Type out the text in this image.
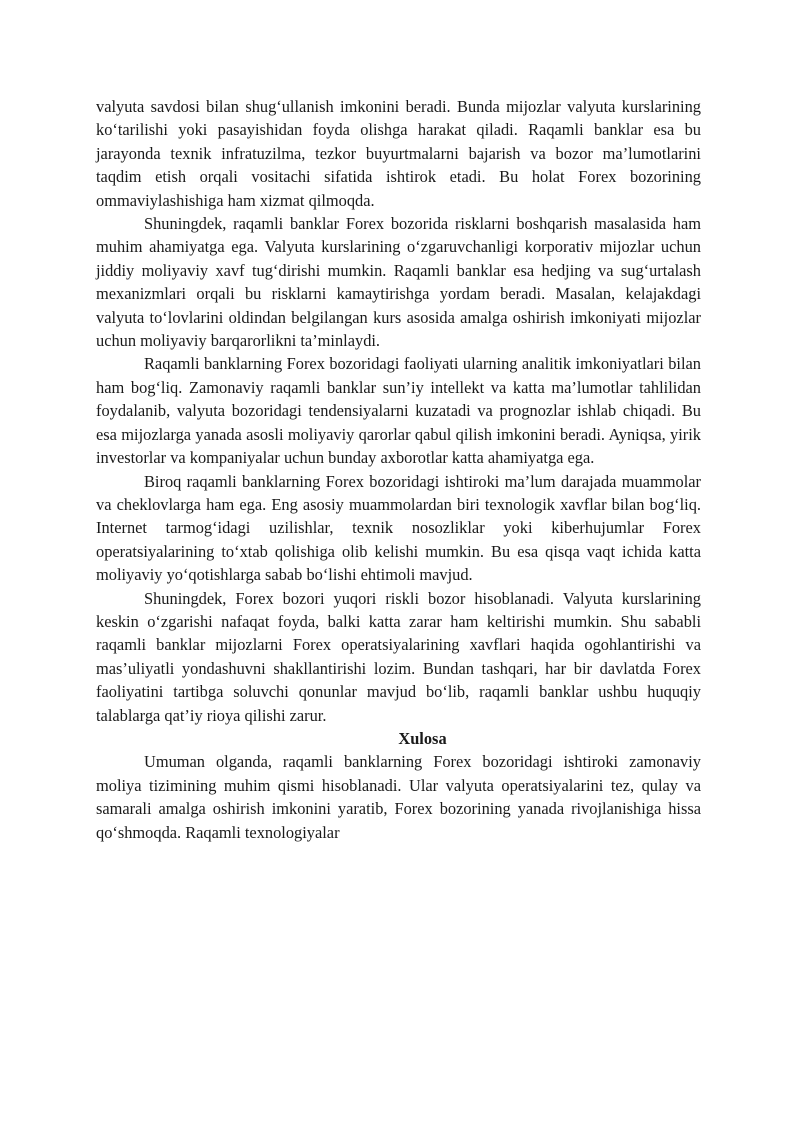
valyuta savdosi bilan shug‘ullanish imkonini beradi. Bunda mijozlar valyuta kurslarining ko‘tarilishi yoki pasayishidan foyda olishga harakat qiladi. Raqamli banklar esa bu jarayonda texnik infratuzilma, tezkor buyurtmalarni bajarish va bozor ma’lumotlarini taqdim etish orqali vositachi sifatida ishtirok etadi. Bu holat Forex bozorining ommaviylashishiga ham xizmat qilmoqda.

Shuningdek, raqamli banklar Forex bozorida risklarni boshqarish masalasida ham muhim ahamiyatga ega. Valyuta kurslarining o‘zgaruvchanligi korporativ mijozlar uchun jiddiy moliyaviy xavf tug‘dirishi mumkin. Raqamli banklar esa hedjing va sug‘urtalash mexanizmlari orqali bu risklarni kamaytirishga yordam beradi. Masalan, kelajakdagi valyuta to‘lovlarini oldindan belgilangan kurs asosida amalga oshirish imkoniyati mijozlar uchun moliyaviy barqarorlikni ta’minlaydi.

Raqamli banklarning Forex bozoridagi faoliyati ularning analitik imkoniyatlari bilan ham bog‘liq. Zamonaviy raqamli banklar sun’iy intellekt va katta ma’lumotlar tahlilidan foydalanib, valyuta bozoridagi tendensiyalarni kuzatadi va prognozlar ishlab chiqadi. Bu esa mijozlarga yanada asosli moliyaviy qarorlar qabul qilish imkonini beradi. Ayniqsa, yirik investorlar va kompaniyalar uchun bunday axborotlar katta ahamiyatga ega.

Biroq raqamli banklarning Forex bozoridagi ishtiroki ma’lum darajada muammolar va cheklovlarga ham ega. Eng asosiy muammolardan biri texnologik xavflar bilan bog‘liq. Internet tarmog‘idagi uzilishlar, texnik nosozliklar yoki kiberhujumlar Forex operatsiyalarining to‘xtab qolishiga olib kelishi mumkin. Bu esa qisqa vaqt ichida katta moliyaviy yo‘qotishlarga sabab bo‘lishi ehtimoli mavjud.

Shuningdek, Forex bozori yuqori riskli bozor hisoblanadi. Valyuta kurslarining keskin o‘zgarishi nafaqat foyda, balki katta zarar ham keltirishi mumkin. Shu sababli raqamli banklar mijozlarni Forex operatsiyalarining xavflari haqida ogohlantirishi va mas’uliyatli yondashuvni shakllantirishi lozim. Bundan tashqari, har bir davlatda Forex faoliyatini tartibga soluvchi qonunlar mavjud bo‘lib, raqamli banklar ushbu huquqiy talablarga qat’iy rioya qilishi zarur.

Xulosa

Umuman olganda, raqamli banklarning Forex bozoridagi ishtiroki zamonaviy moliya tizimining muhim qismi hisoblanadi. Ular valyuta operatsiyalarini tez, qulay va samarali amalga oshirish imkonini yaratib, Forex bozorining yanada rivojlanishiga hissa qo‘shmoqda. Raqamli texnologiyalar
